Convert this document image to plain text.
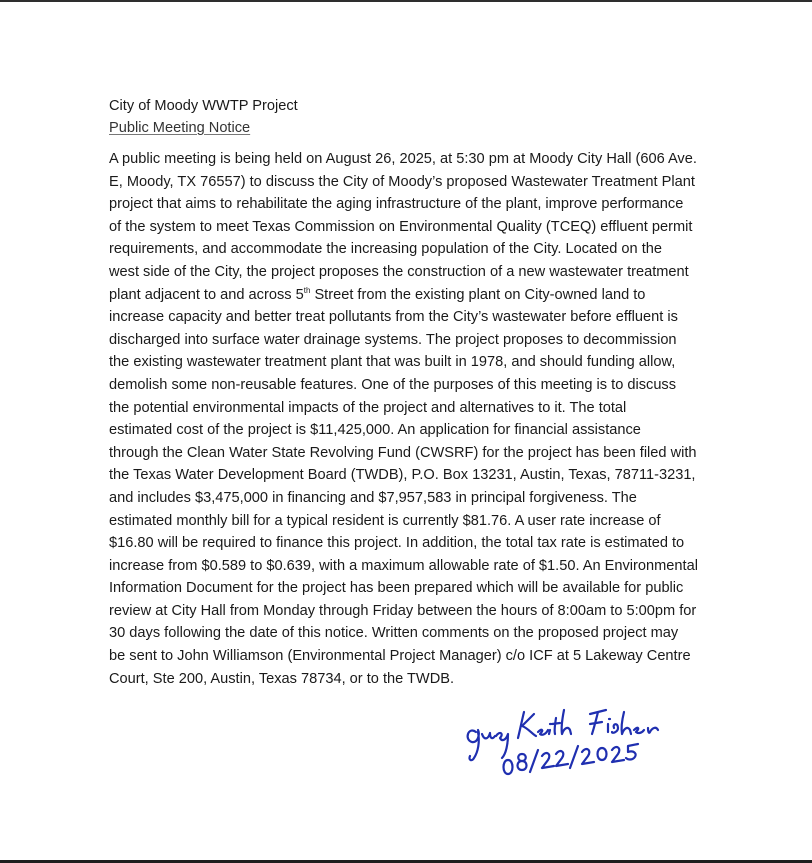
City of Moody WWTP Project

Public Meeting Notice

A public meeting is being held on August 26, 2025, at 5:30 pm at Moody City Hall (606 Ave.
E, Moody, TX 76557) to discuss the City of Moody’s proposed Wastewater Treatment Plant
project that aims to rehabilitate the aging infrastructure of the plant, improve performance
of the system to meet Texas Commission on Environmental Quality (TCEQ) effluent permit
requirements, and accommodate the increasing population of the City. Located on the
west side of the City, the project proposes the construction of a new wastewater treatment
plant adjacent to and across 5th Street from the existing plant on City-owned land to
increase capacity and better treat pollutants from the City’s wastewater before effluent is
discharged into surface water drainage systems. The project proposes to decommission
the existing wastewater treatment plant that was built in 1978, and should funding allow,
demolish some non-reusable features. One of the purposes of this meeting is to discuss
the potential environmental impacts of the project and alternatives to it. The total
estimated cost of the project is $11,425,000. An application for financial assistance
through the Clean Water State Revolving Fund (CWSRF) for the project has been filed with
the Texas Water Development Board (TWDB), P.O. Box 13231, Austin, Texas, 78711-3231,
and includes $3,475,000 in financing and $7,957,583 in principal forgiveness. The
estimated monthly bill for a typical resident is currently $81.76. A user rate increase of
$16.80 will be required to finance this project. In addition, the total tax rate is estimated to
increase from $0.589 to $0.639, with a maximum allowable rate of $1.50. An Environmental
Information Document for the project has been prepared which will be available for public
review at City Hall from Monday through Friday between the hours of 8:00am to 5:00pm for
30 days following the date of this notice. Written comments on the proposed project may
be sent to John Williamson (Environmental Project Manager) c/o ICF at 5 Lakeway Centre
Court, Ste 200, Austin, Texas 78734, or to the TWDB.
